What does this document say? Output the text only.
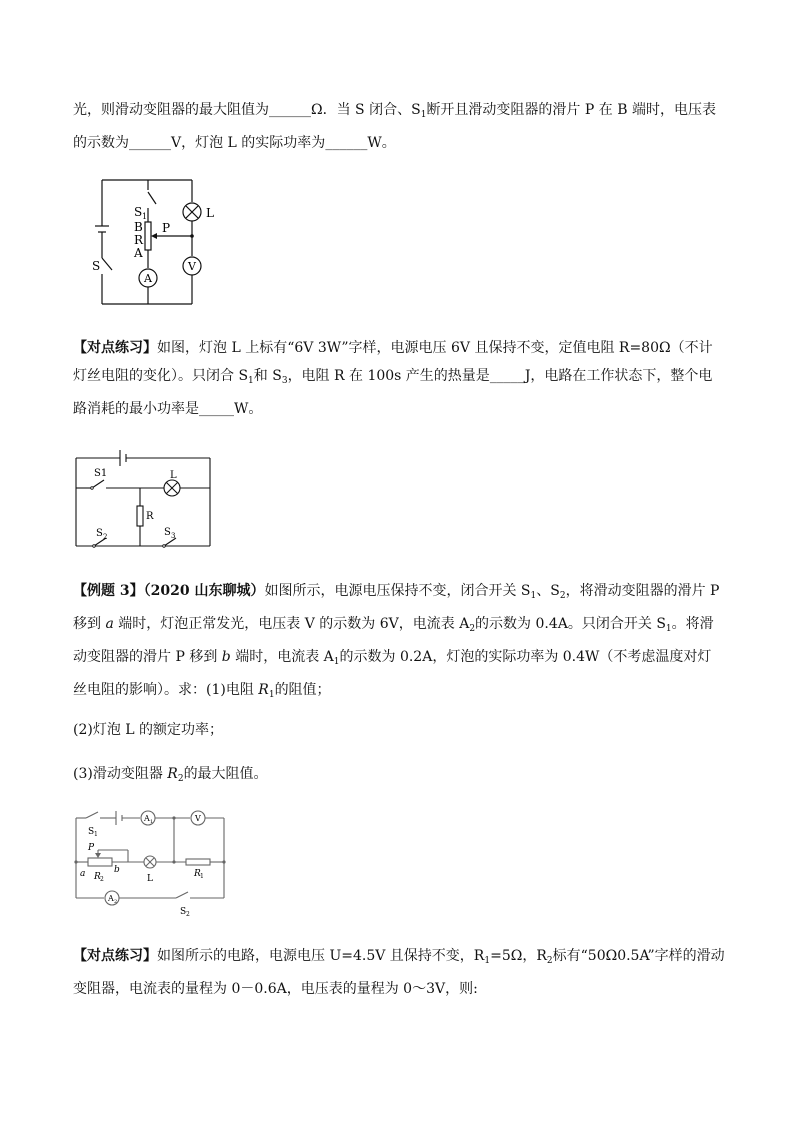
光，则滑动变阻器的最大阻值为______Ω．当 S 闭合、$S_1$断开且滑动变阻器的滑片 P 在 B 端时，电压表的示数为______V，灯泡 L 的实际功率为______W。

S 1
B
R
A
P
L
S
A
V

【对点练习】如图，灯泡 L 上标有“6V 3W”字样，电源电压 6V 且保持不变，定值电阻 R=80Ω（不计灯丝电阻的变化）。只闭合 $S_1$和 $S_3$，电阻 R 在 100s 产生的热量是_____J，电路在工作状态下，整个电路消耗的最小功率是_____W。

S1	L
R
S 2	S 3

【例题 3】（2020 山东聊城）如图所示，电源电压保持不变，闭合开关 $S_1$、$S_2$，将滑动变阻器的滑片 P 移到 a 端时，灯泡正常发光，电压表 V 的示数为 6V，电流表 $A_2$的示数为 0.4A。只闭合开关 $S_1$。将滑动变阻器的滑片 P 移到 b 端时，电流表 $A_1$的示数为 0.2A，灯泡的实际功率为 0.4W（不考虑温度对灯丝电阻的影响）。求：(1)电阻 $R_1$的阻值；

(2)灯泡 L 的额定功率；

(3)滑动变阻器 $R_2$的最大阻值。

S 1
A 1	V
P
a	b
R 2	L	R 1
A 2
S 2

【对点练习】如图所示的电路，电源电压 U=4.5V 且保持不变，$R_1=5\Omega$，$R_2$标有“50Ω0.5A”字样的滑动变阻器，电流表的量程为 0－0.6A，电压表的量程为 0～3V，则:
